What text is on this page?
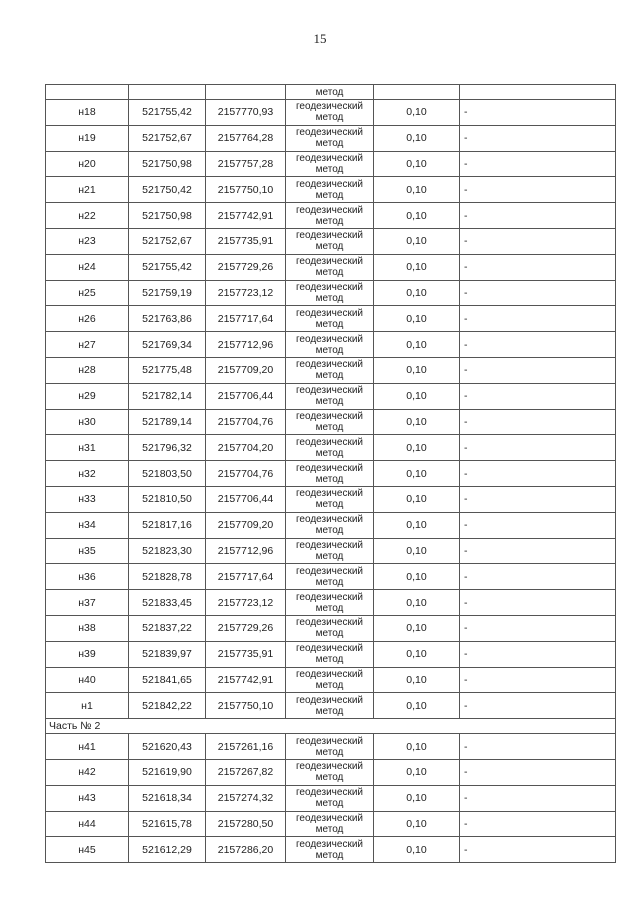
15
			метод		
н18	521755,42	2157770,93	геодезический метод	0,10	-
н19	521752,67	2157764,28	геодезический метод	0,10	-
н20	521750,98	2157757,28	геодезический метод	0,10	-
н21	521750,42	2157750,10	геодезический метод	0,10	-
н22	521750,98	2157742,91	геодезический метод	0,10	-
н23	521752,67	2157735,91	геодезический метод	0,10	-
н24	521755,42	2157729,26	геодезический метод	0,10	-
н25	521759,19	2157723,12	геодезический метод	0,10	-
н26	521763,86	2157717,64	геодезический метод	0,10	-
н27	521769,34	2157712,96	геодезический метод	0,10	-
н28	521775,48	2157709,20	геодезический метод	0,10	-
н29	521782,14	2157706,44	геодезический метод	0,10	-
н30	521789,14	2157704,76	геодезический метод	0,10	-
н31	521796,32	2157704,20	геодезический метод	0,10	-
н32	521803,50	2157704,76	геодезический метод	0,10	-
н33	521810,50	2157706,44	геодезический метод	0,10	-
н34	521817,16	2157709,20	геодезический метод	0,10	-
н35	521823,30	2157712,96	геодезический метод	0,10	-
н36	521828,78	2157717,64	геодезический метод	0,10	-
н37	521833,45	2157723,12	геодезический метод	0,10	-
н38	521837,22	2157729,26	геодезический метод	0,10	-
н39	521839,97	2157735,91	геодезический метод	0,10	-
н40	521841,65	2157742,91	геодезический метод	0,10	-
н1	521842,22	2157750,10	геодезический метод	0,10	-
Часть № 2					
н41	521620,43	2157261,16	геодезический метод	0,10	-
н42	521619,90	2157267,82	геодезический метод	0,10	-
н43	521618,34	2157274,32	геодезический метод	0,10	-
н44	521615,78	2157280,50	геодезический метод	0,10	-
н45	521612,29	2157286,20	геодезический метод	0,10	-
